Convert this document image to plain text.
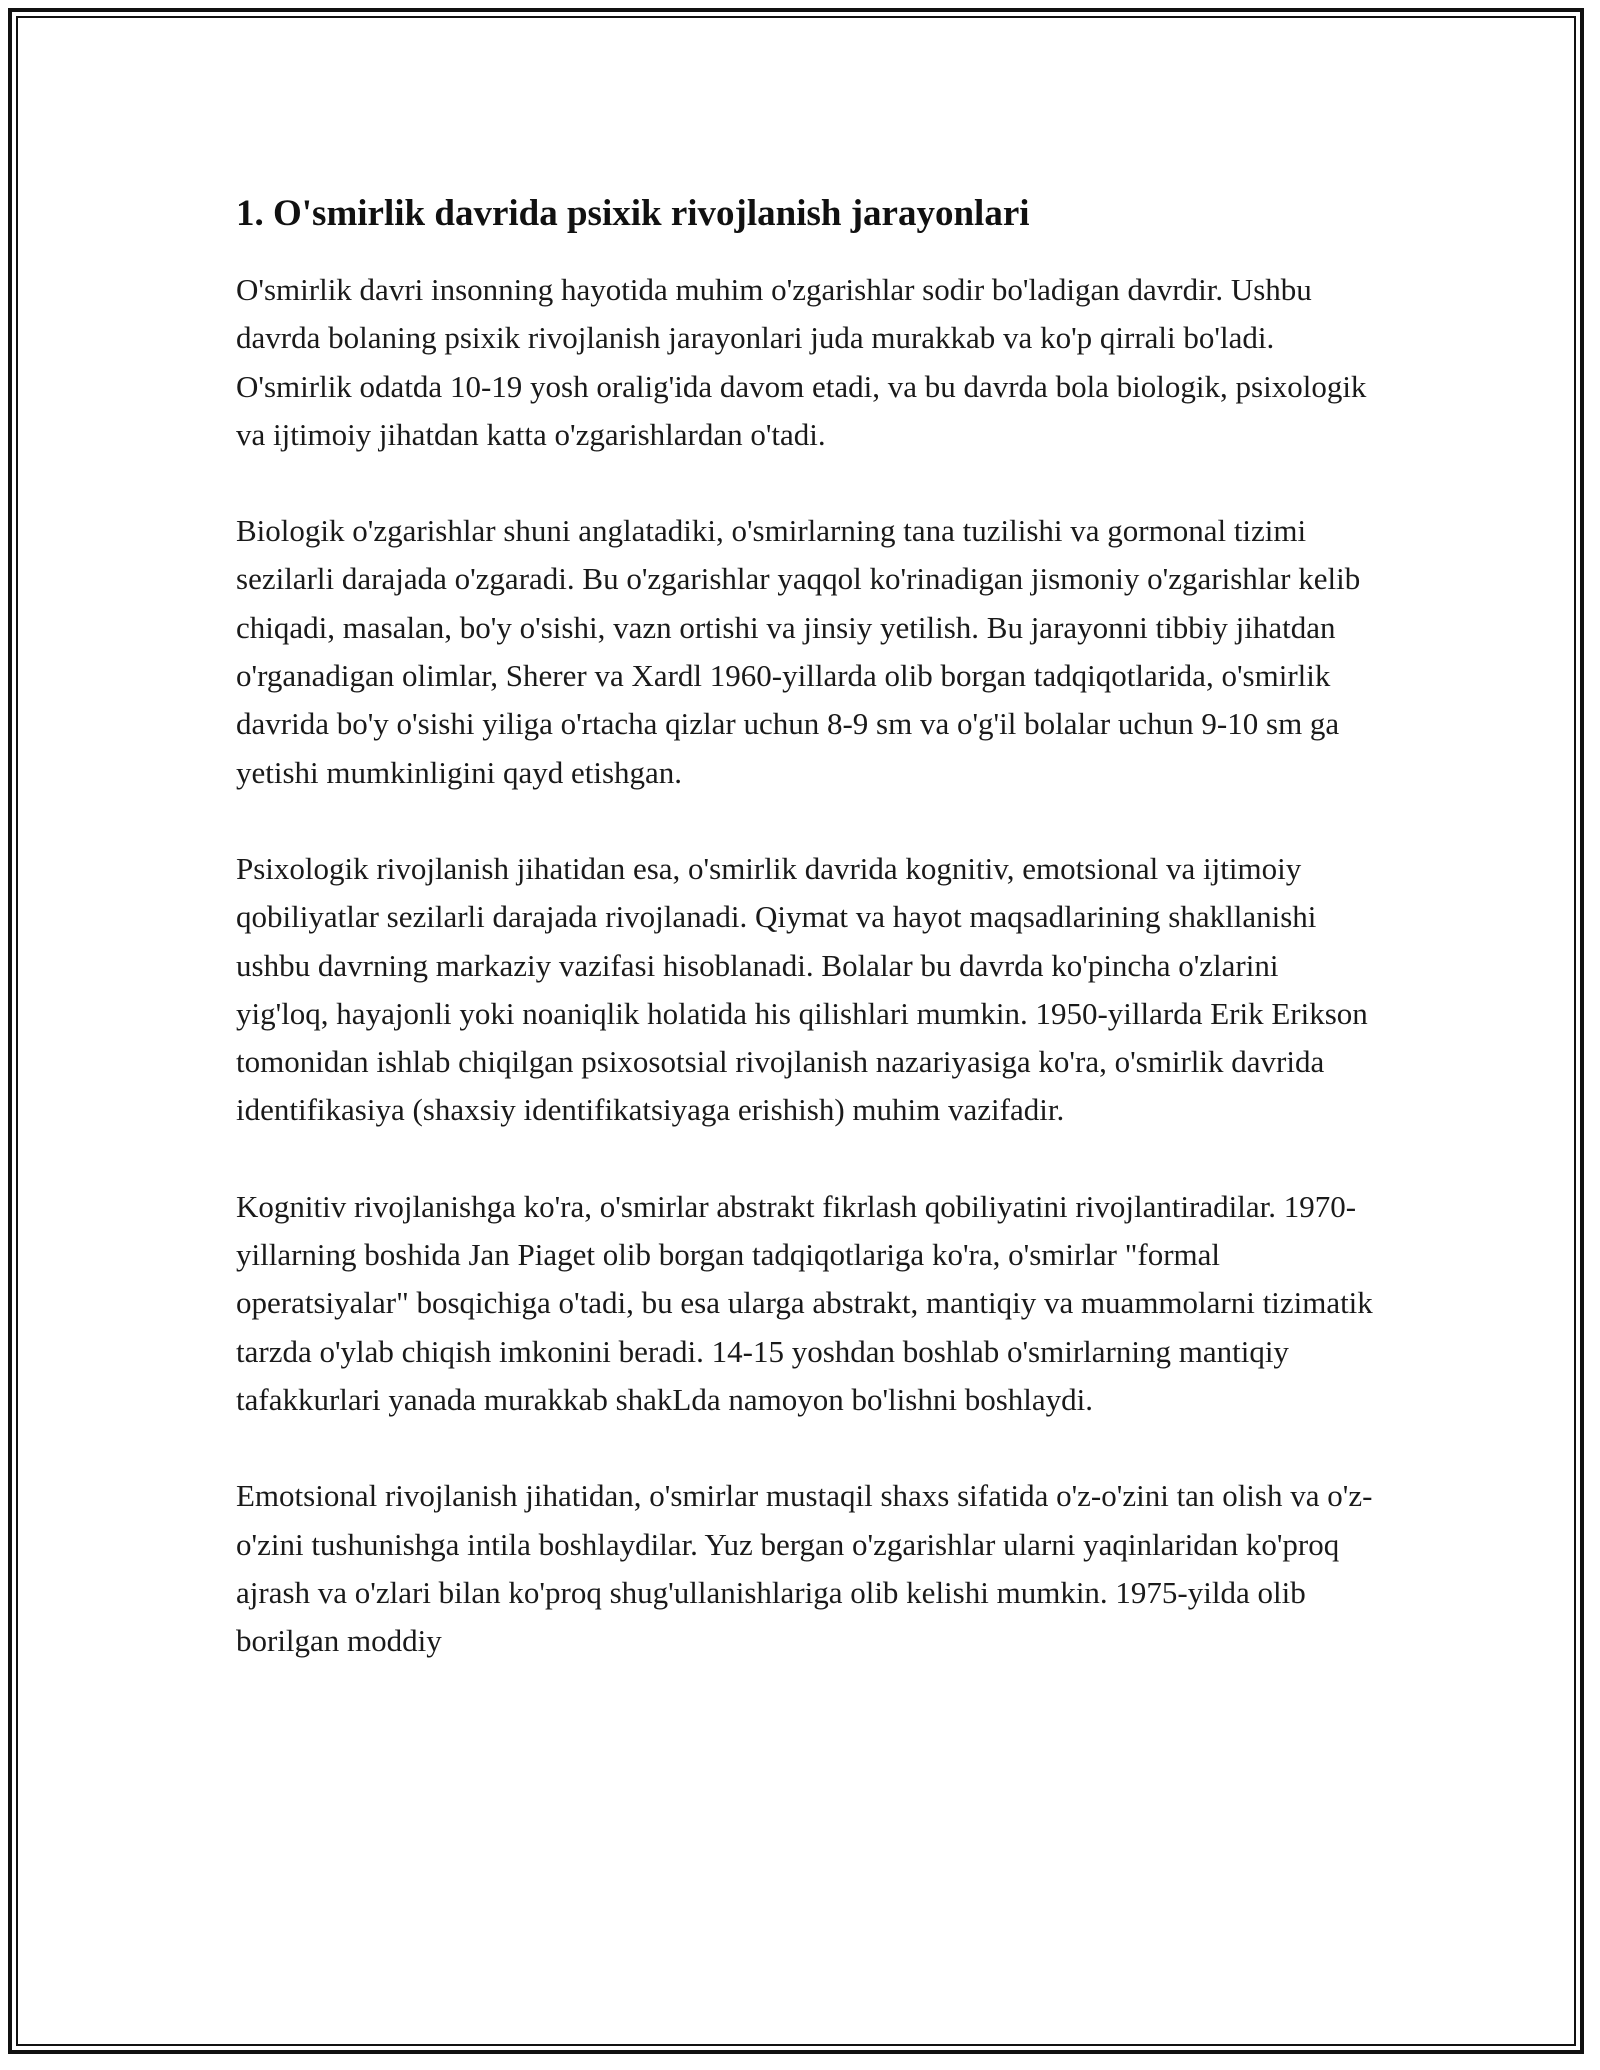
1. O'smirlik davrida psixik rivojlanish jarayonlari

O'smirlik davri insonning hayotida muhim o'zgarishlar sodir bo'ladigan davrdir. Ushbu davrda bolaning psixik rivojlanish jarayonlari juda murakkab va ko'p qirrali bo'ladi. O'smirlik odatda 10-19 yosh oralig'ida davom etadi, va bu davrda bola biologik, psixologik va ijtimoiy jihatdan katta o'zgarishlardan o'tadi.

Biologik o'zgarishlar shuni anglatadiki, o'smirlarning tana tuzilishi va gormonal tizimi sezilarli darajada o'zgaradi. Bu o'zgarishlar yaqqol ko'rinadigan jismoniy o'zgarishlar kelib chiqadi, masalan, bo'y o'sishi, vazn ortishi va jinsiy yetilish. Bu jarayonni tibbiy jihatdan o'rganadigan olimlar, Sherer va Xardl 1960-yillarda olib borgan tadqiqotlarida, o'smirlik davrida bo'y o'sishi yiliga o'rtacha qizlar uchun 8-9 sm va o'g'il bolalar uchun 9-10 sm ga yetishi mumkinligini qayd etishgan.

Psixologik rivojlanish jihatidan esa, o'smirlik davrida kognitiv, emotsional va ijtimoiy qobiliyatlar sezilarli darajada rivojlanadi. Qiymat va hayot maqsadlarining shakllanishi ushbu davrning markaziy vazifasi hisoblanadi. Bolalar bu davrda ko'pincha o'zlarini yig'loq, hayajonli yoki noaniqlik holatida his qilishlari mumkin. 1950-yillarda Erik Erikson tomonidan ishlab chiqilgan psixosotsial rivojlanish nazariyasiga ko'ra, o'smirlik davrida identifikasiya (shaxsiy identifikatsiyaga erishish) muhim vazifadir.

Kognitiv rivojlanishga ko'ra, o'smirlar abstrakt fikrlash qobiliyatini rivojlantiradilar. 1970-yillarning boshida Jan Piaget olib borgan tadqiqotlariga ko'ra, o'smirlar "formal operatsiyalar" bosqichiga o'tadi, bu esa ularga abstrakt, mantiqiy va muammolarni tizimatik tarzda o'ylab chiqish imkonini beradi. 14-15 yoshdan boshlab o'smirlarning mantiqiy tafakkurlari yanada murakkab shakLda namoyon bo'lishni boshlaydi.

Emotsional rivojlanish jihatidan, o'smirlar mustaqil shaxs sifatida o'z-o'zini tan olish va o'z-o'zini tushunishga intila boshlaydilar. Yuz bergan o'zgarishlar ularni yaqinlaridan ko'proq ajrash va o'zlari bilan ko'proq shug'ullanishlariga olib kelishi mumkin. 1975-yilda olib borilgan moddiy
